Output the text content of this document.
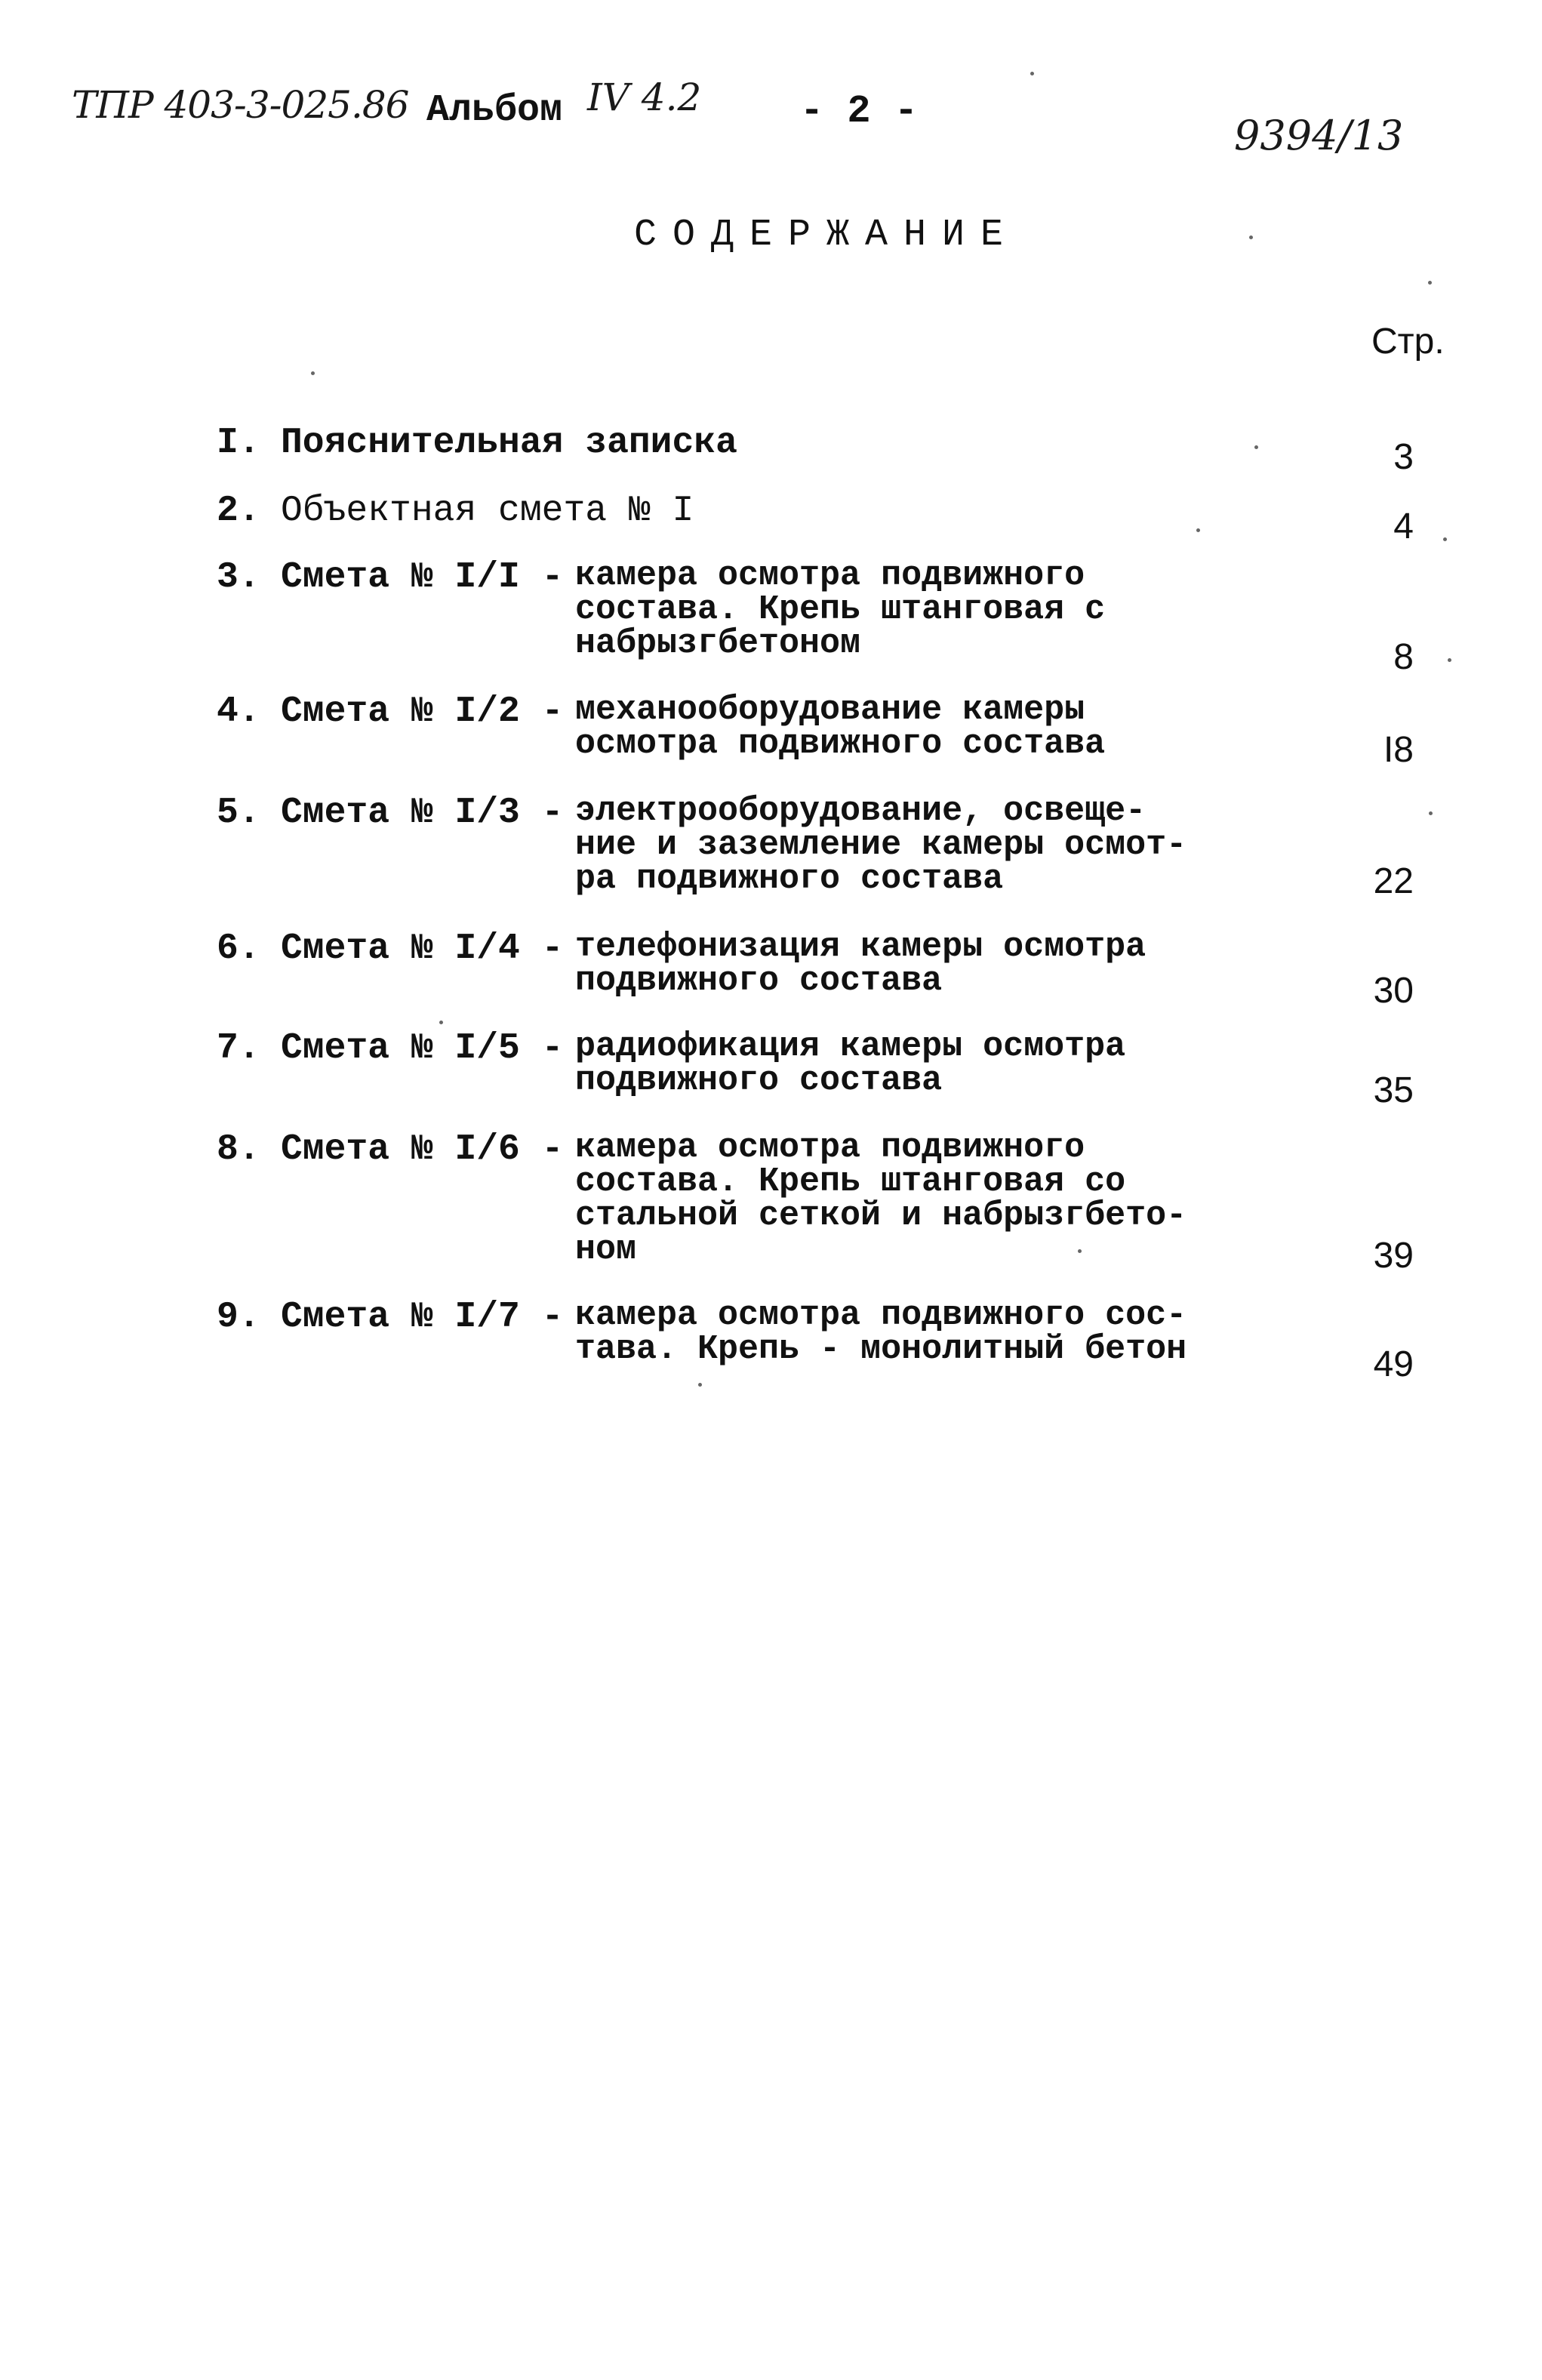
ТПР 403-3-025.86 Альбом IV 4.2	- 2 -
9394/13
СОДЕРЖАНИЕ
Стр.
I. Пояснительная записка	3
2. Объектная смета № I	4
3. Смета № I/I - камера осмотра подвижного
состава. Крепь штанговая с
набрызгбетоном	8
4. Смета № I/2 - механооборудование камеры
осмотра подвижного состава	I8
5. Смета № I/3 - электрооборудование, освеще-
ние и заземление камеры осмот-
ра подвижного состава	22
6. Смета № I/4 - телефонизация камеры осмотра
подвижного состава	30
7. Смета № I/5 - радиофикация камеры осмотра
подвижного состава	35
8. Смета № I/6 - камера осмотра подвижного
состава. Крепь штанговая со
стальной сеткой и набрызгбето-
ном	39
9. Смета № I/7 - камера осмотра подвижного сос-
тава. Крепь - монолитный бетон	49
